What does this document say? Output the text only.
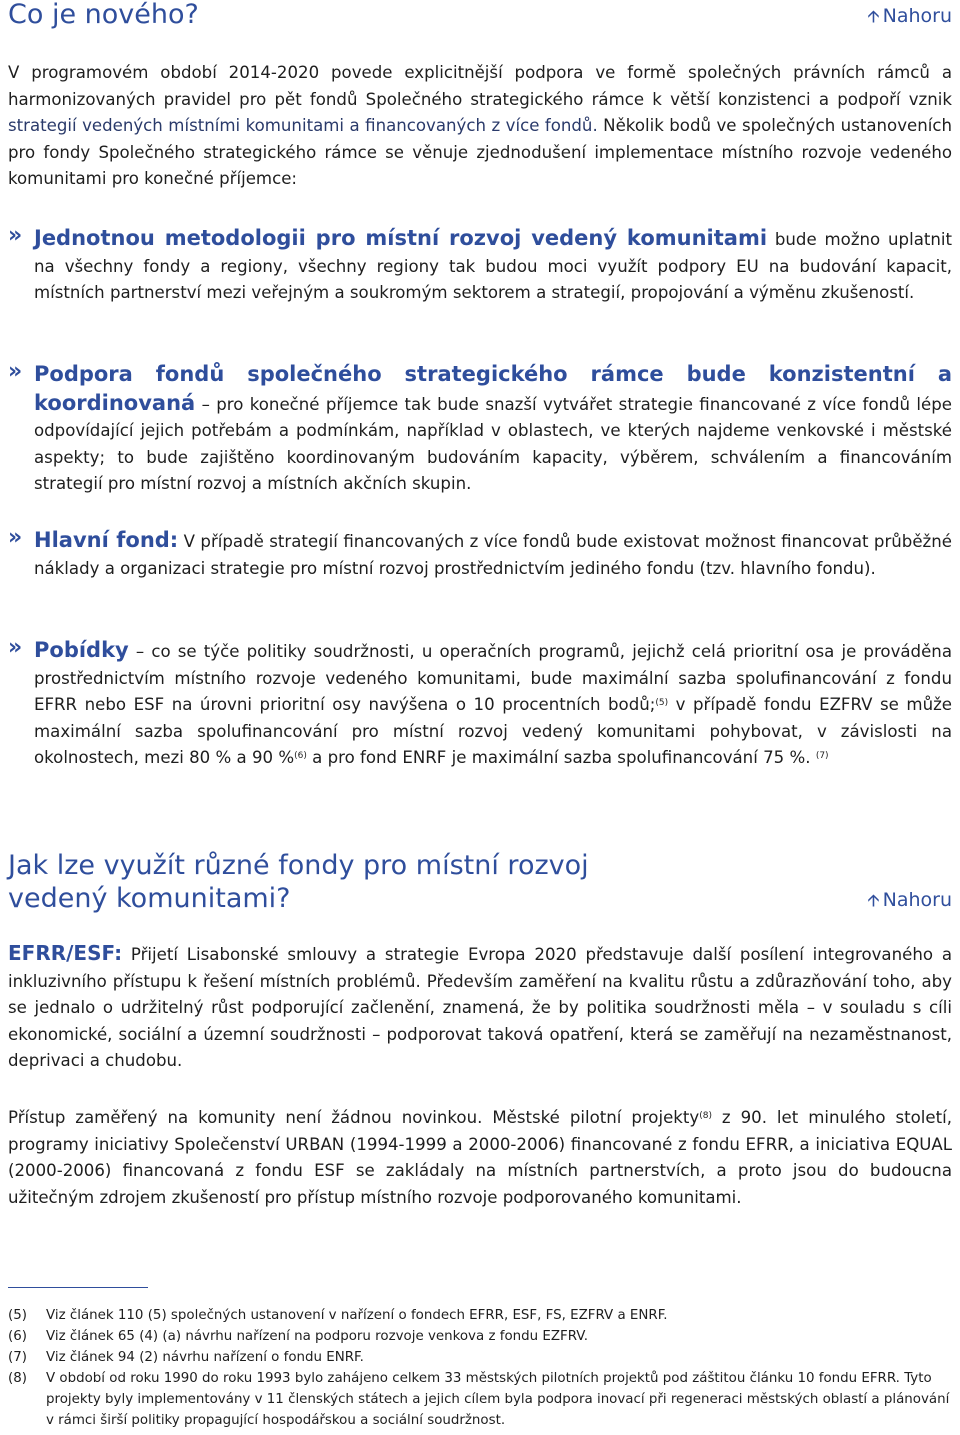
Co je nového?	🡩 Nahoru

V programovém období 2014-2020 povede explicitnější podpora ve formě společných právních rámců a harmonizovaných pravidel pro pět fondů Společného strategického rámce k větší konzistenci a podpoří vznik strategií vedených místními komunitami a financovaných z více fondů. Několik bodů ve společných ustanoveních pro fondy Společného strategického rámce se věnuje zjednodušení implementace místního rozvoje vedeného komunitami pro konečné příjemce:

» Jednotnou metodologii pro místní rozvoj vedený komunitami bude možno uplatnit na všechny fondy a regiony, všechny regiony tak budou moci využít podpory EU na budování kapacit, místních partnerství mezi veřejným a soukromým sektorem a strategií, propojování a výměnu zkušeností.

» Podpora fondů společného strategického rámce bude konzistentní a koordinovaná – pro konečné příjemce tak bude snazší vytvářet strategie financované z více fondů lépe odpovídající jejich potřebám a podmínkám, například v oblastech, ve kterých najdeme venkovské i městské aspekty; to bude zajištěno koordinovaným budováním kapacity, výběrem, schválením a financováním strategií pro místní rozvoj a místních akčních skupin.

» Hlavní fond: V případě strategií financovaných z více fondů bude existovat možnost financovat průběžné náklady a organizaci strategie pro místní rozvoj prostřednictvím jediného fondu (tzv. hlavního fondu).

» Pobídky – co se týče politiky soudržnosti, u operačních programů, jejichž celá prioritní osa je prováděna prostřednictvím místního rozvoje vedeného komunitami, bude maximální sazba spolufinancování z fondu EFRR nebo ESF na úrovni prioritní osy navýšena o 10 procentních bodů;$^{(5)}$ v případě fondu EZFRV se může maximální sazba spolufinancování pro místní rozvoj vedený komunitami pohybovat, v závislosti na okolnostech, mezi 80 % a 90 %$^{(6)}$ a pro fond ENRF je maximální sazba spolufinancování 75 %. $^{(7)}$

Jak lze využít různé fondy pro místní rozvoj
vedený komunitami?	🡩 Nahoru

EFRR/ESF: Přijetí Lisabonské smlouvy a strategie Evropa 2020 představuje další posílení integrovaného a inkluzivního přístupu k řešení místních problémů. Především zaměření na kvalitu růstu a zdůrazňování toho, aby se jednalo o udržitelný růst podporující začlenění, znamená, že by politika soudržnosti měla – v souladu s cíli ekonomické, sociální a územní soudržnosti – podporovat taková opatření, která se zaměřují na nezaměstnanost, deprivaci a chudobu.

Přístup zaměřený na komunity není žádnou novinkou. Městské pilotní projekty$^{(8)}$ z 90. let minulého století, programy iniciativy Společenství URBAN (1994-1999 a 2000-2006) financované z fondu EFRR, a iniciativa EQUAL (2000-2006) financovaná z fondu ESF se zakládaly na místních partnerstvích, a proto jsou do budoucna užitečným zdrojem zkušeností pro přístup místního rozvoje podporovaného komunitami.

(5)	Viz článek 110 (5) společných ustanovení v nařízení o fondech EFRR, ESF, FS, EZFRV a ENRF.
(6)	Viz článek 65 (4) (a) návrhu nařízení na podporu rozvoje venkova z fondu EZFRV.
(7)	Viz článek 94 (2) návrhu nařízení o fondu ENRF.
(8)	V období od roku 1990 do roku 1993 bylo zahájeno celkem 33 městských pilotních projektů pod záštitou článku 10 fondu EFRR. Tyto projekty byly implementovány v 11 členských státech a jejich cílem byla podpora inovací při regeneraci městských oblastí a plánování v rámci širší politiky propagující hospodářskou a sociální soudržnost.
